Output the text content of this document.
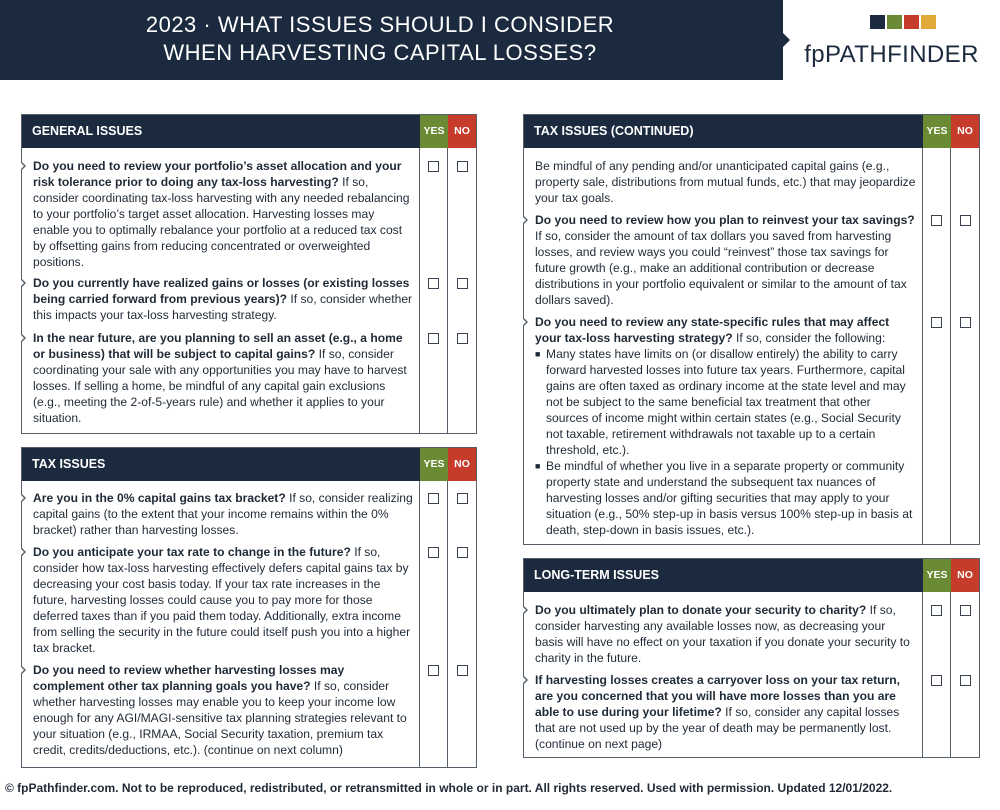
2023 · WHAT ISSUES SHOULD I CONSIDER
WHEN HARVESTING CAPITAL LOSSES?	fpPATHFINDER
GENERAL ISSUES	YES NO
Do you need to review your portfolio’s asset allocation and your risk tolerance prior to doing any tax-loss harvesting? If so, consider coordinating tax-loss harvesting with any needed rebalancing to your portfolio’s target asset allocation. Harvesting losses may enable you to optimally rebalance your portfolio at a reduced tax cost by offsetting gains from reducing concentrated or overweighted positions.
Do you currently have realized gains or losses (or existing losses being carried forward from previous years)? If so, consider whether this impacts your tax-loss harvesting strategy.
In the near future, are you planning to sell an asset (e.g., a home or business) that will be subject to capital gains? If so, consider coordinating your sale with any opportunities you may have to harvest losses. If selling a home, be mindful of any capital gain exclusions (e.g., meeting the 2-of-5-years rule) and whether it applies to your situation.
TAX ISSUES	YES NO
Are you in the 0% capital gains tax bracket? If so, consider realizing capital gains (to the extent that your income remains within the 0% bracket) rather than harvesting losses.
Do you anticipate your tax rate to change in the future? If so, consider how tax-loss harvesting effectively defers capital gains tax by decreasing your cost basis today. If your tax rate increases in the future, harvesting losses could cause you to pay more for those deferred taxes than if you paid them today. Additionally, extra income from selling the security in the future could itself push you into a higher tax bracket.
Do you need to review whether harvesting losses may complement other tax planning goals you have? If so, consider whether harvesting losses may enable you to keep your income low enough for any AGI/MAGI-sensitive tax planning strategies relevant to your situation (e.g., IRMAA, Social Security taxation, premium tax credit, credits/deductions, etc.). (continue on next column)
TAX ISSUES (CONTINUED)	YES NO
Be mindful of any pending and/or unanticipated capital gains (e.g., property sale, distributions from mutual funds, etc.) that may jeopardize your tax goals.
Do you need to review how you plan to reinvest your tax savings? If so, consider the amount of tax dollars you saved from harvesting losses, and review ways you could “reinvest” those tax savings for future growth (e.g., make an additional contribution or decrease distributions in your portfolio equivalent or similar to the amount of tax dollars saved).
Do you need to review any state-specific rules that may affect your tax-loss harvesting strategy? If so, consider the following:
■ Many states have limits on (or disallow entirely) the ability to carry forward harvested losses into future tax years. Furthermore, capital gains are often taxed as ordinary income at the state level and may not be subject to the same beneficial tax treatment that other sources of income might within certain states (e.g., Social Security not taxable, retirement withdrawals not taxable up to a certain threshold, etc.).
■ Be mindful of whether you live in a separate property or community property state and understand the subsequent tax nuances of harvesting losses and/or gifting securities that may apply to your situation (e.g., 50% step-up in basis versus 100% step-up in basis at death, step-down in basis issues, etc.).
LONG-TERM ISSUES	YES NO
Do you ultimately plan to donate your security to charity? If so, consider harvesting any available losses now, as decreasing your basis will have no effect on your taxation if you donate your security to charity in the future.
If harvesting losses creates a carryover loss on your tax return, are you concerned that you will have more losses than you are able to use during your lifetime? If so, consider any capital losses that are not used up by the year of death may be permanently lost. (continue on next page)
© fpPathfinder.com. Not to be reproduced, redistributed, or retransmitted in whole or in part. All rights reserved. Used with permission. Updated 12/01/2022.
